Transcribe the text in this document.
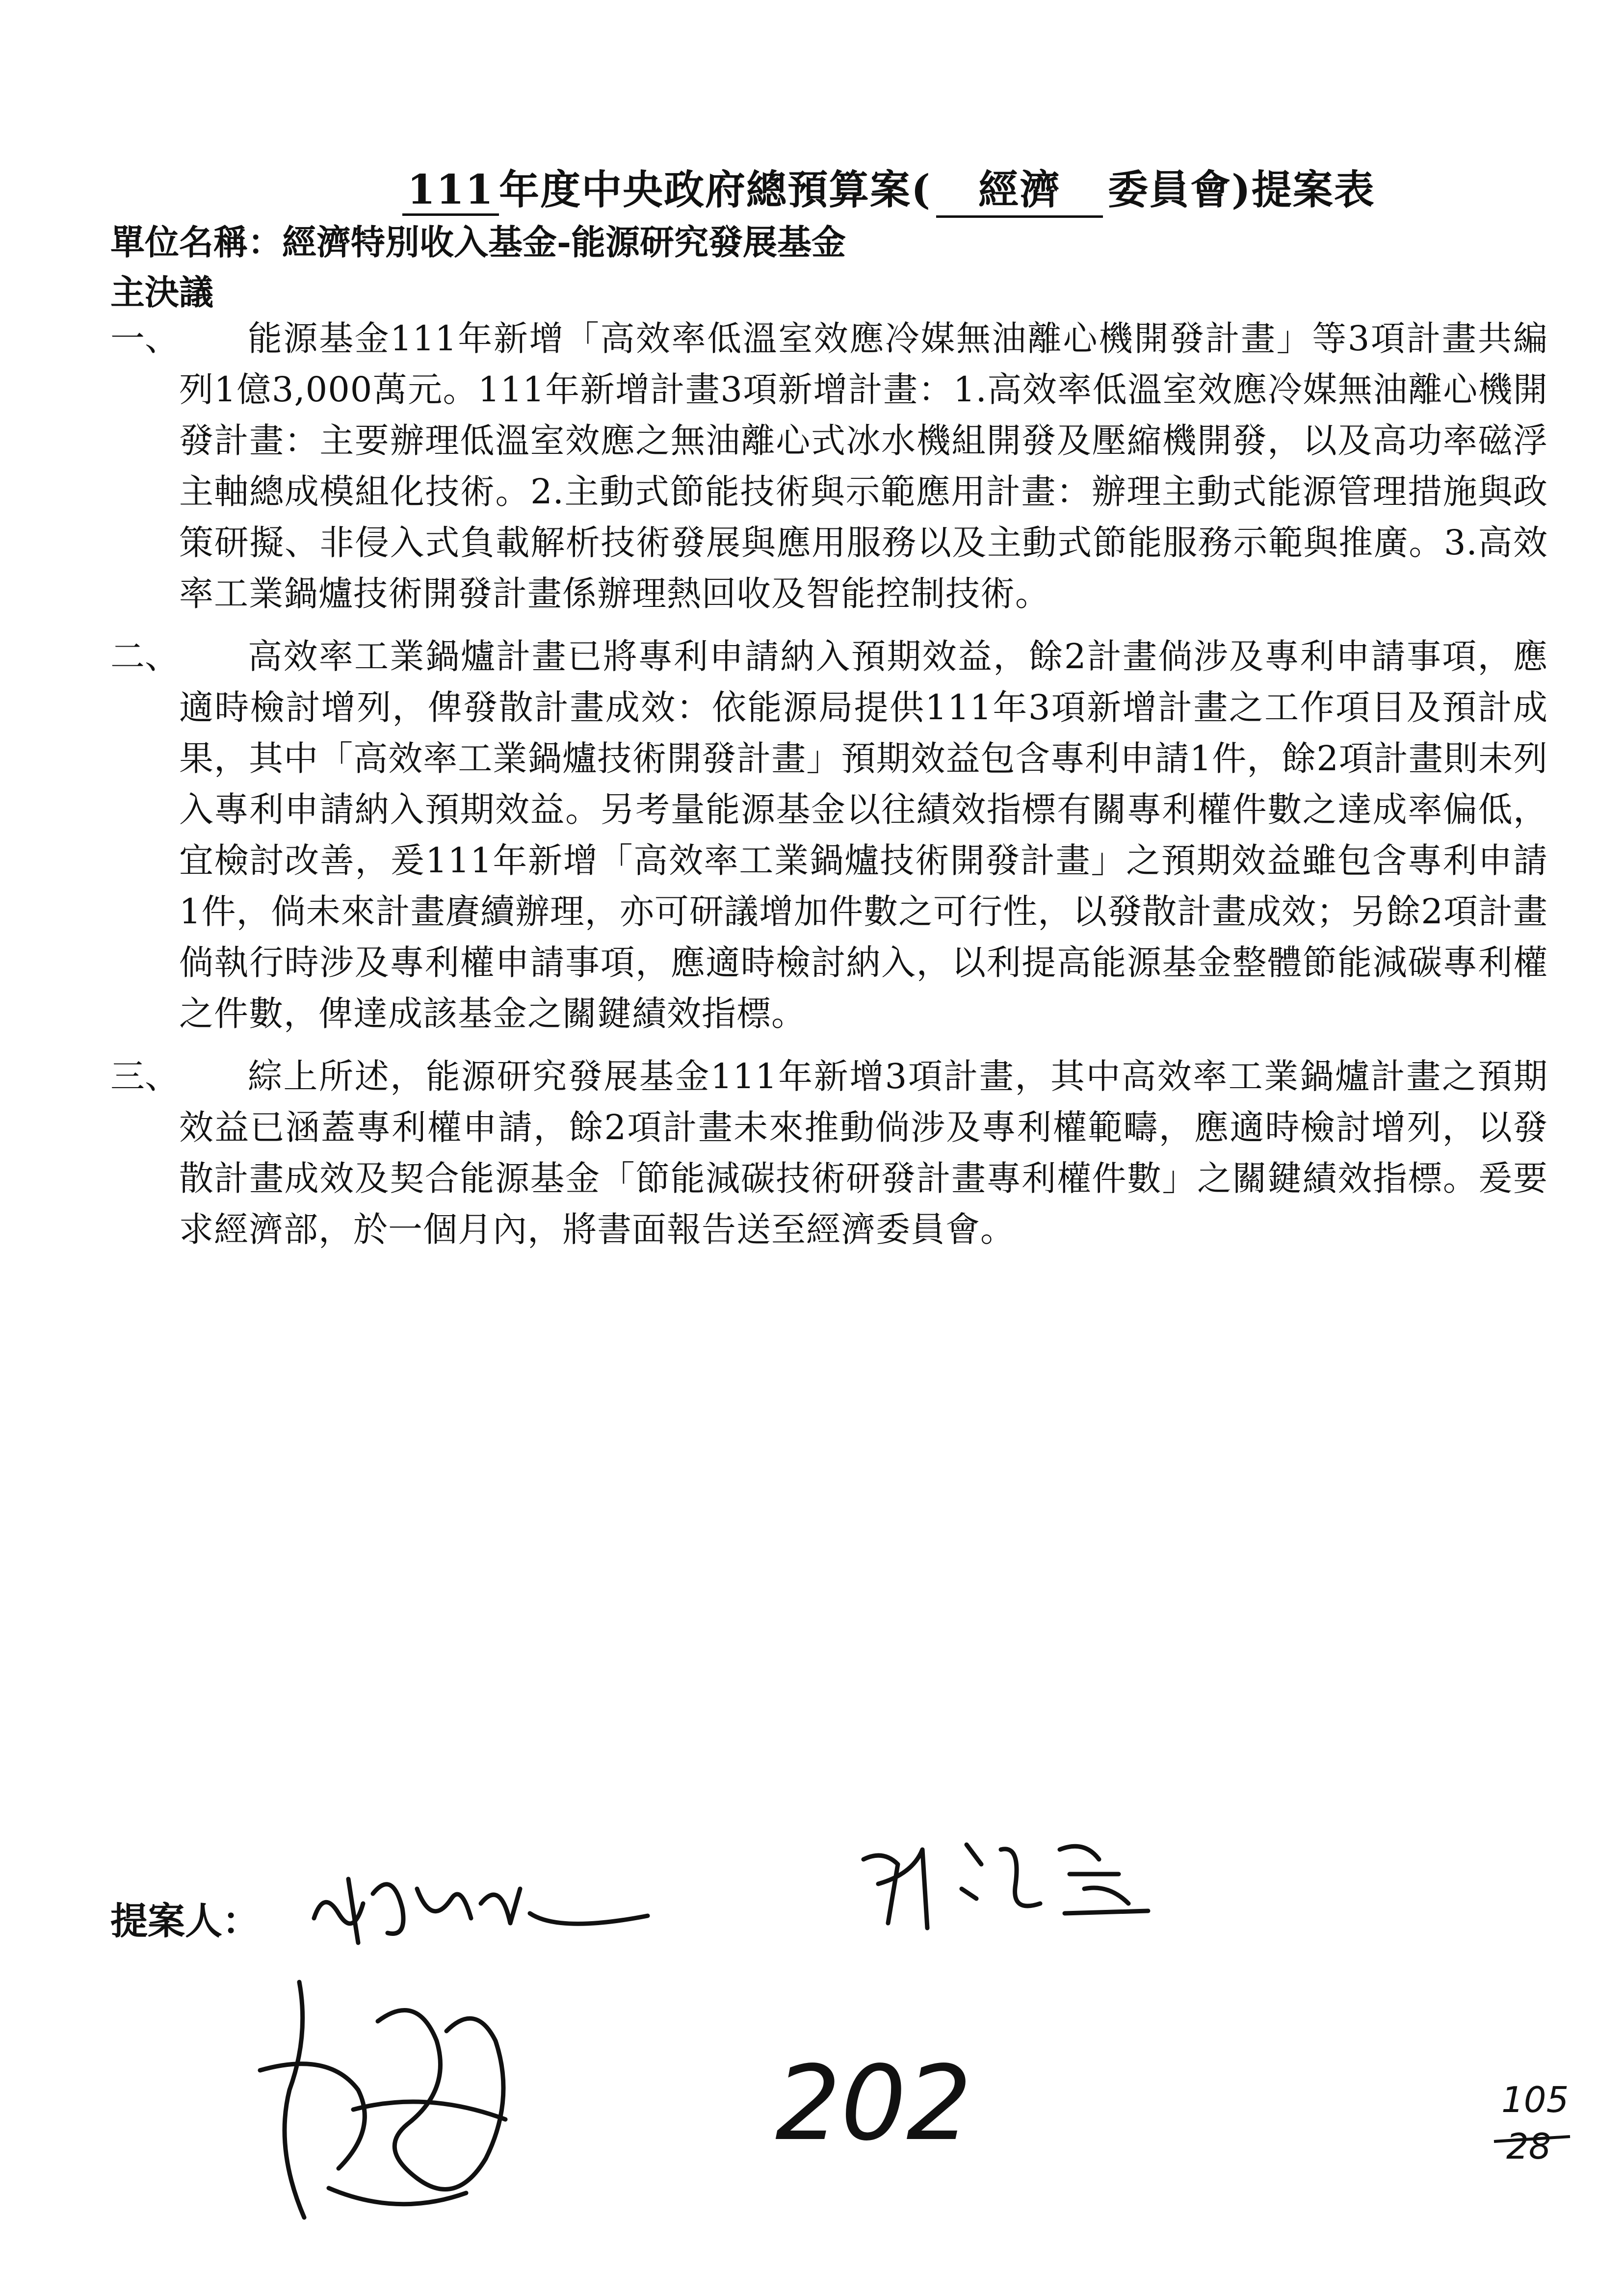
111 年度中央政府總預算案( 經濟 委員會)提案表
單位名稱：經濟特別收入基金-能源研究發展基金
主決議
一、	能源基金111年新增「高效率低溫室效應冷媒無油離心機開發計畫」等3項計畫共編列1億3,000萬元。111年新增計畫3項新增計畫：1.高效率低溫室效應冷媒無油離心機開發計畫：主要辦理低溫室效應之無油離心式冰水機組開發及壓縮機開發，以及高功率磁浮主軸總成模組化技術。2.主動式節能技術與示範應用計畫：辦理主動式能源管理措施與政策研擬、非侵入式負載解析技術發展與應用服務以及主動式節能服務示範與推廣。3.高效率工業鍋爐技術開發計畫係辦理熱回收及智能控制技術。
二、	高效率工業鍋爐計畫已將專利申請納入預期效益，餘2計畫倘涉及專利申請事項，應適時檢討增列，俾發散計畫成效：依能源局提供111年3項新增計畫之工作項目及預計成果，其中「高效率工業鍋爐技術開發計畫」預期效益包含專利申請1件，餘2項計畫則未列入專利申請納入預期效益。另考量能源基金以往績效指標有關專利權件數之達成率偏低，宜檢討改善，爰111年新增「高效率工業鍋爐技術開發計畫」之預期效益雖包含專利申請1件，倘未來計畫賡續辦理，亦可研議增加件數之可行性，以發散計畫成效；另餘2項計畫倘執行時涉及專利權申請事項，應適時檢討納入，以利提高能源基金整體節能減碳專利權之件數，俾達成該基金之關鍵績效指標。
三、	綜上所述，能源研究發展基金111年新增3項計畫，其中高效率工業鍋爐計畫之預期效益已涵蓋專利權申請，餘2項計畫未來推動倘涉及專利權範疇，應適時檢討增列，以發散計畫成效及契合能源基金「節能減碳技術研發計畫專利權件數」之關鍵績效指標。爰要求經濟部，於一個月內，將書面報告送至經濟委員會。
提案人：
202	105
28
